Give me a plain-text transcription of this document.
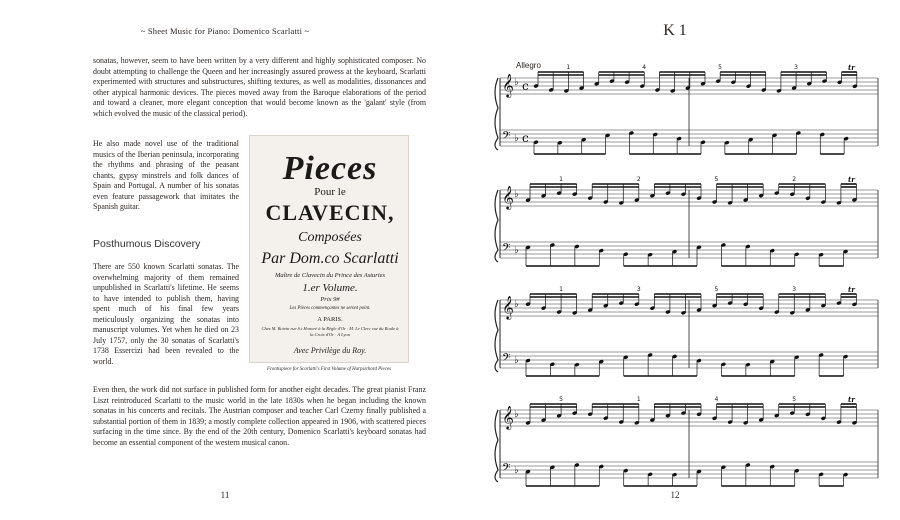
~ Sheet Music for Piano: Domenico Scarlatti ~

sonatas, however, seem to have been written by a very different and highly sophisticated composer. No doubt attempting to challenge the Queen and her increasingly assured prowess at the keyboard, Scarlatti experimented with structures and substructures, shifting textures, as well as modalities, dissonances and other atypical harmonic devices. The pieces moved away from the Baroque elaborations of the period and toward a cleaner, more elegant conception that would become known as the 'galant' style (from which evolved the music of the classical period).

He also made novel use of the traditional musics of the Iberian peninsula, incorporating the rhythms and phrasing of the peasant chants, gypsy minstrels and folk dances of Spain and Portugal. A number of his sonatas even feature passagework that imitates the Spanish guitar.

Posthumous Discovery

There are 550 known Scarlatti sonatas. The overwhelming majority of them remained unpublished in Scarlatti's lifetime. He seems to have intended to publish them, having spent much of his final few years meticulously organizing the sonatas into manuscript volumes. Yet when he died on 23 July 1757, only the 30 sonatas of Scarlatti's 1738 Essercizi had been revealed to the world.

Even then, the work did not surface in published form for another eight decades. The great pianist Franz Liszt reintroduced Scarlatti to the music world in the late 1830s when he began including the known sonatas in his concerts and recitals. The Austrian composer and teacher Carl Czerny finally published a substantial portion of them in 1839; a mostly complete collection appeared in 1906, with scattered pieces surfacing in the time since. By the end of the 20th century, Domenico Scarlatti's keyboard sonatas had become an essential component of the western musical canon.

Pieces
Pour le
CLAVECIN,
Composées
Par Dom.co Scarlatti
Maître de Clavecin du Prince des Asturies
1.er Volume.
Prix 9#
Les Pièces commençantes ne seront point.
A PARIS.
Chez M. Boivin rue S.t Honoré à la Règle d'Or · M. Le Clerc rue du Roule à la Croix d'Or · A Lyon
Avec Privilège du Roy.
Frontispiece for Scarlatti's First Volume of Harpsichord Pieces
11
K 1
𝄞 ♭ c
1	4	5	3	tr
𝄢 ♭ c
𝄞 ♭
1	2	5	2	tr
𝄢 ♭
𝄞 ♭
1	3	5	3	tr
𝄢 ♭
𝄞 ♭
5	1	4	5	tr
𝄢 ♭
Allegro
12
